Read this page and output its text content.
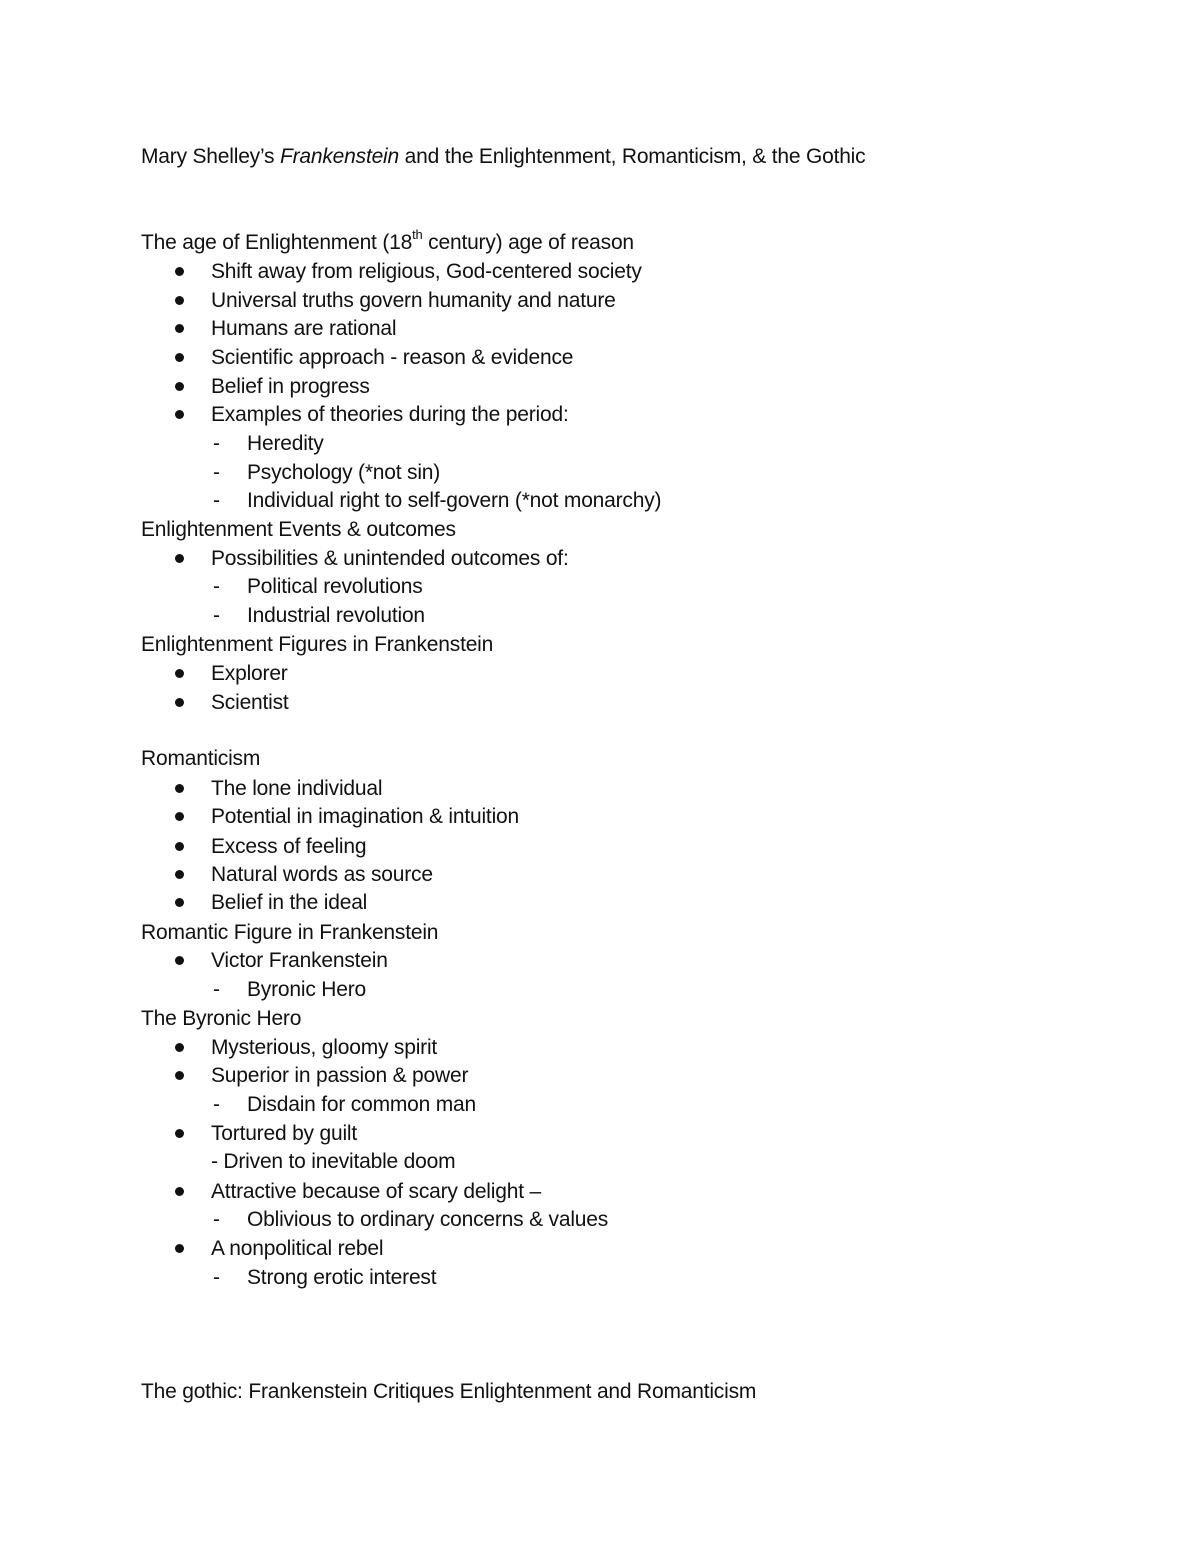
Mary Shelley’s Frankenstein and the Enlightenment, Romanticism, & the Gothic
The age of Enlightenment (18th century) age of reason
Shift away from religious, God-centered society
Universal truths govern humanity and nature
Humans are rational
Scientific approach - reason & evidence
Belief in progress
Examples of theories during the period:
- Heredity
- Psychology (*not sin)
- Individual right to self-govern (*not monarchy)
Enlightenment Events & outcomes
Possibilities & unintended outcomes of:
- Political revolutions
- Industrial revolution
Enlightenment Figures in Frankenstein
Explorer
Scientist
Romanticism
The lone individual
Potential in imagination & intuition
Excess of feeling
Natural words as source
Belief in the ideal
Romantic Figure in Frankenstein
Victor Frankenstein
- Byronic Hero
The Byronic Hero
Mysterious, gloomy spirit
Superior in passion & power
- Disdain for common man
Tortured by guilt
- Driven to inevitable doom
Attractive because of scary delight –
- Oblivious to ordinary concerns & values
A nonpolitical rebel
- Strong erotic interest
The gothic: Frankenstein Critiques Enlightenment and Romanticism
